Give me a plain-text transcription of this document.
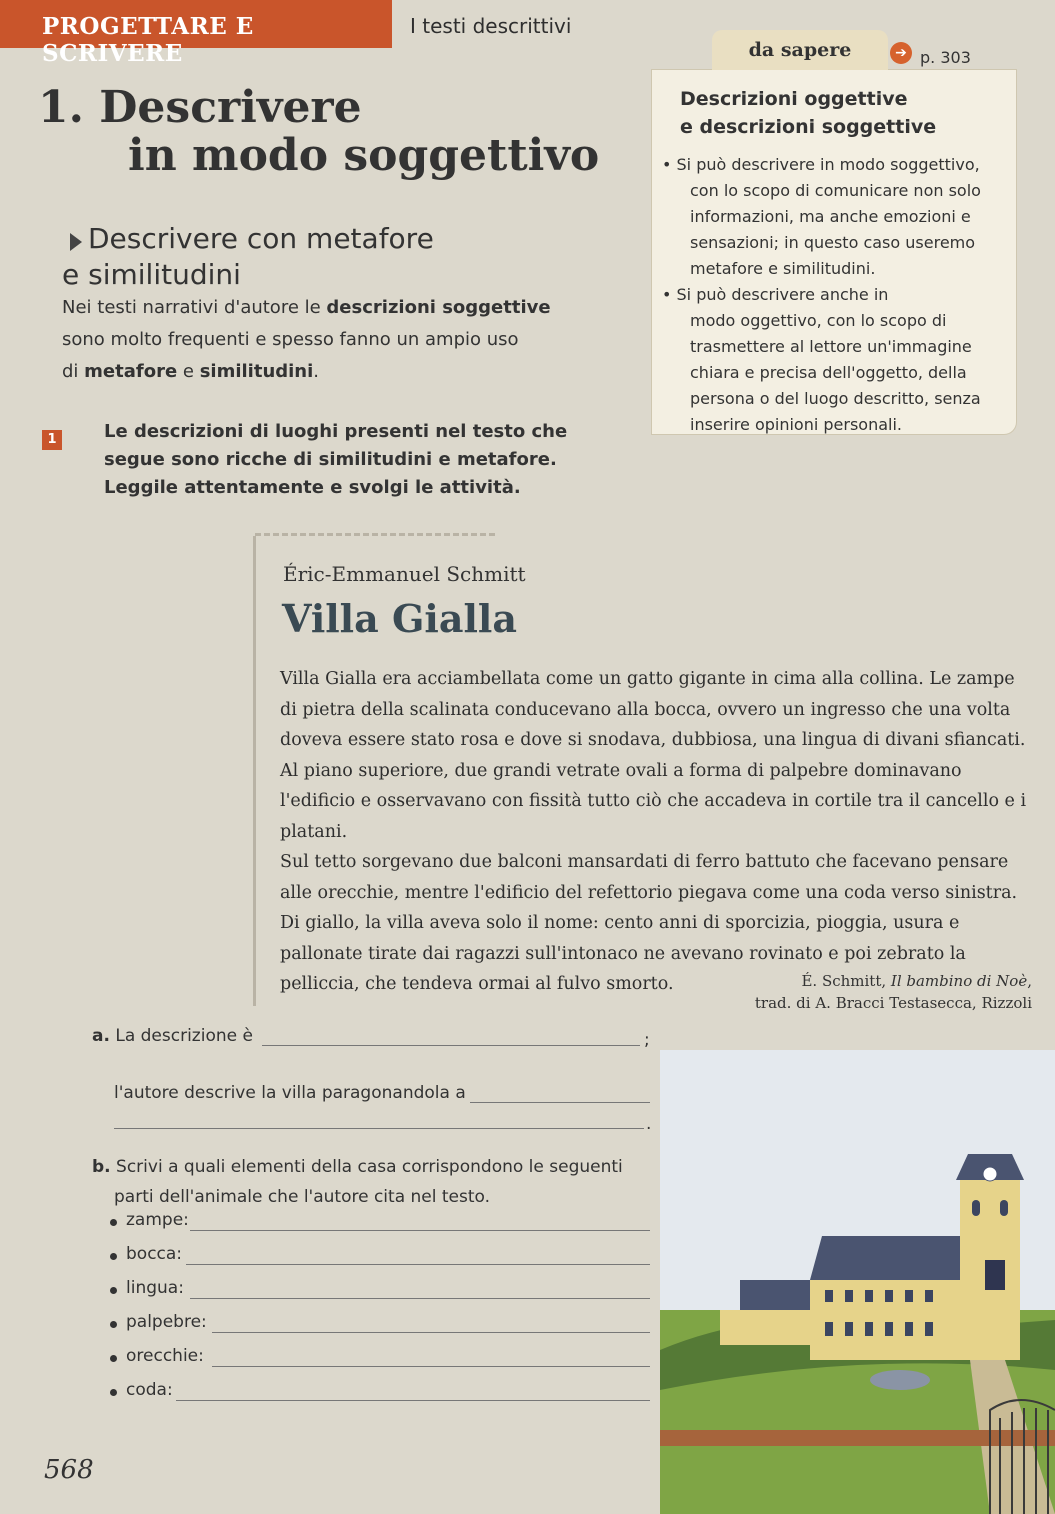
PROGETTARE E SCRIVERE
I testi descrittivi
1. Descrivere
in modo soggettivo
Descrivere con metafore
e similitudini
Nei testi narrativi d'autore le descrizioni soggettive
sono molto frequenti e spesso fanno un ampio uso
di metafore e similitudini.
da sapere	➔ p. 303
Descrizioni oggettive
e descrizioni soggettive
• Si può descrivere in modo soggettivo,
con lo scopo di comunicare non solo
informazioni, ma anche emozioni e
sensazioni; in questo caso useremo
metafore e similitudini.
• Si può descrivere anche in
modo oggettivo, con lo scopo di
trasmettere al lettore un'immagine
chiara e precisa dell'oggetto, della
persona o del luogo descritto, senza
inserire opinioni personali.
1	Le descrizioni di luoghi presenti nel testo che segue sono ricche di similitudini e metafore. Leggile attentamente e svolgi le attività.
Éric-Emmanuel Schmitt
Villa Gialla

Villa Gialla era acciambellata come un gatto gigante in cima alla collina. Le zampe di pietra della scalinata conducevano alla bocca, ovvero un ingresso che una volta doveva essere stato rosa e dove si snodava, dubbiosa, una lingua di divani sfiancati.

Al piano superiore, due grandi vetrate ovali a forma di palpebre dominavano l'edificio e osservavano con fissità tutto ciò che accadeva in cortile tra il cancello e i platani.

Sul tetto sorgevano due balconi mansardati di ferro battuto che facevano pensare alle orecchie, mentre l'edificio del refettorio piegava come una coda verso sinistra.

Di giallo, la villa aveva solo il nome: cento anni di sporcizia, pioggia, usura e pallonate tirate dai ragazzi sull'intonaco ne avevano rovinato e poi zebrato la pelliccia, che tendeva ormai al fulvo smorto.	É. Schmitt, Il bambino di Noè,
trad. di A. Bracci Testasecca, Rizzoli
a. La descrizione è	;
l'autore descrive la villa paragonandola a
.
b. Scrivi a quali elementi della casa corrispondono le seguenti
parti dell'animale che l'autore cita nel testo.
zampe:
bocca:
lingua:
palpebre:
orecchie:
coda:
568
